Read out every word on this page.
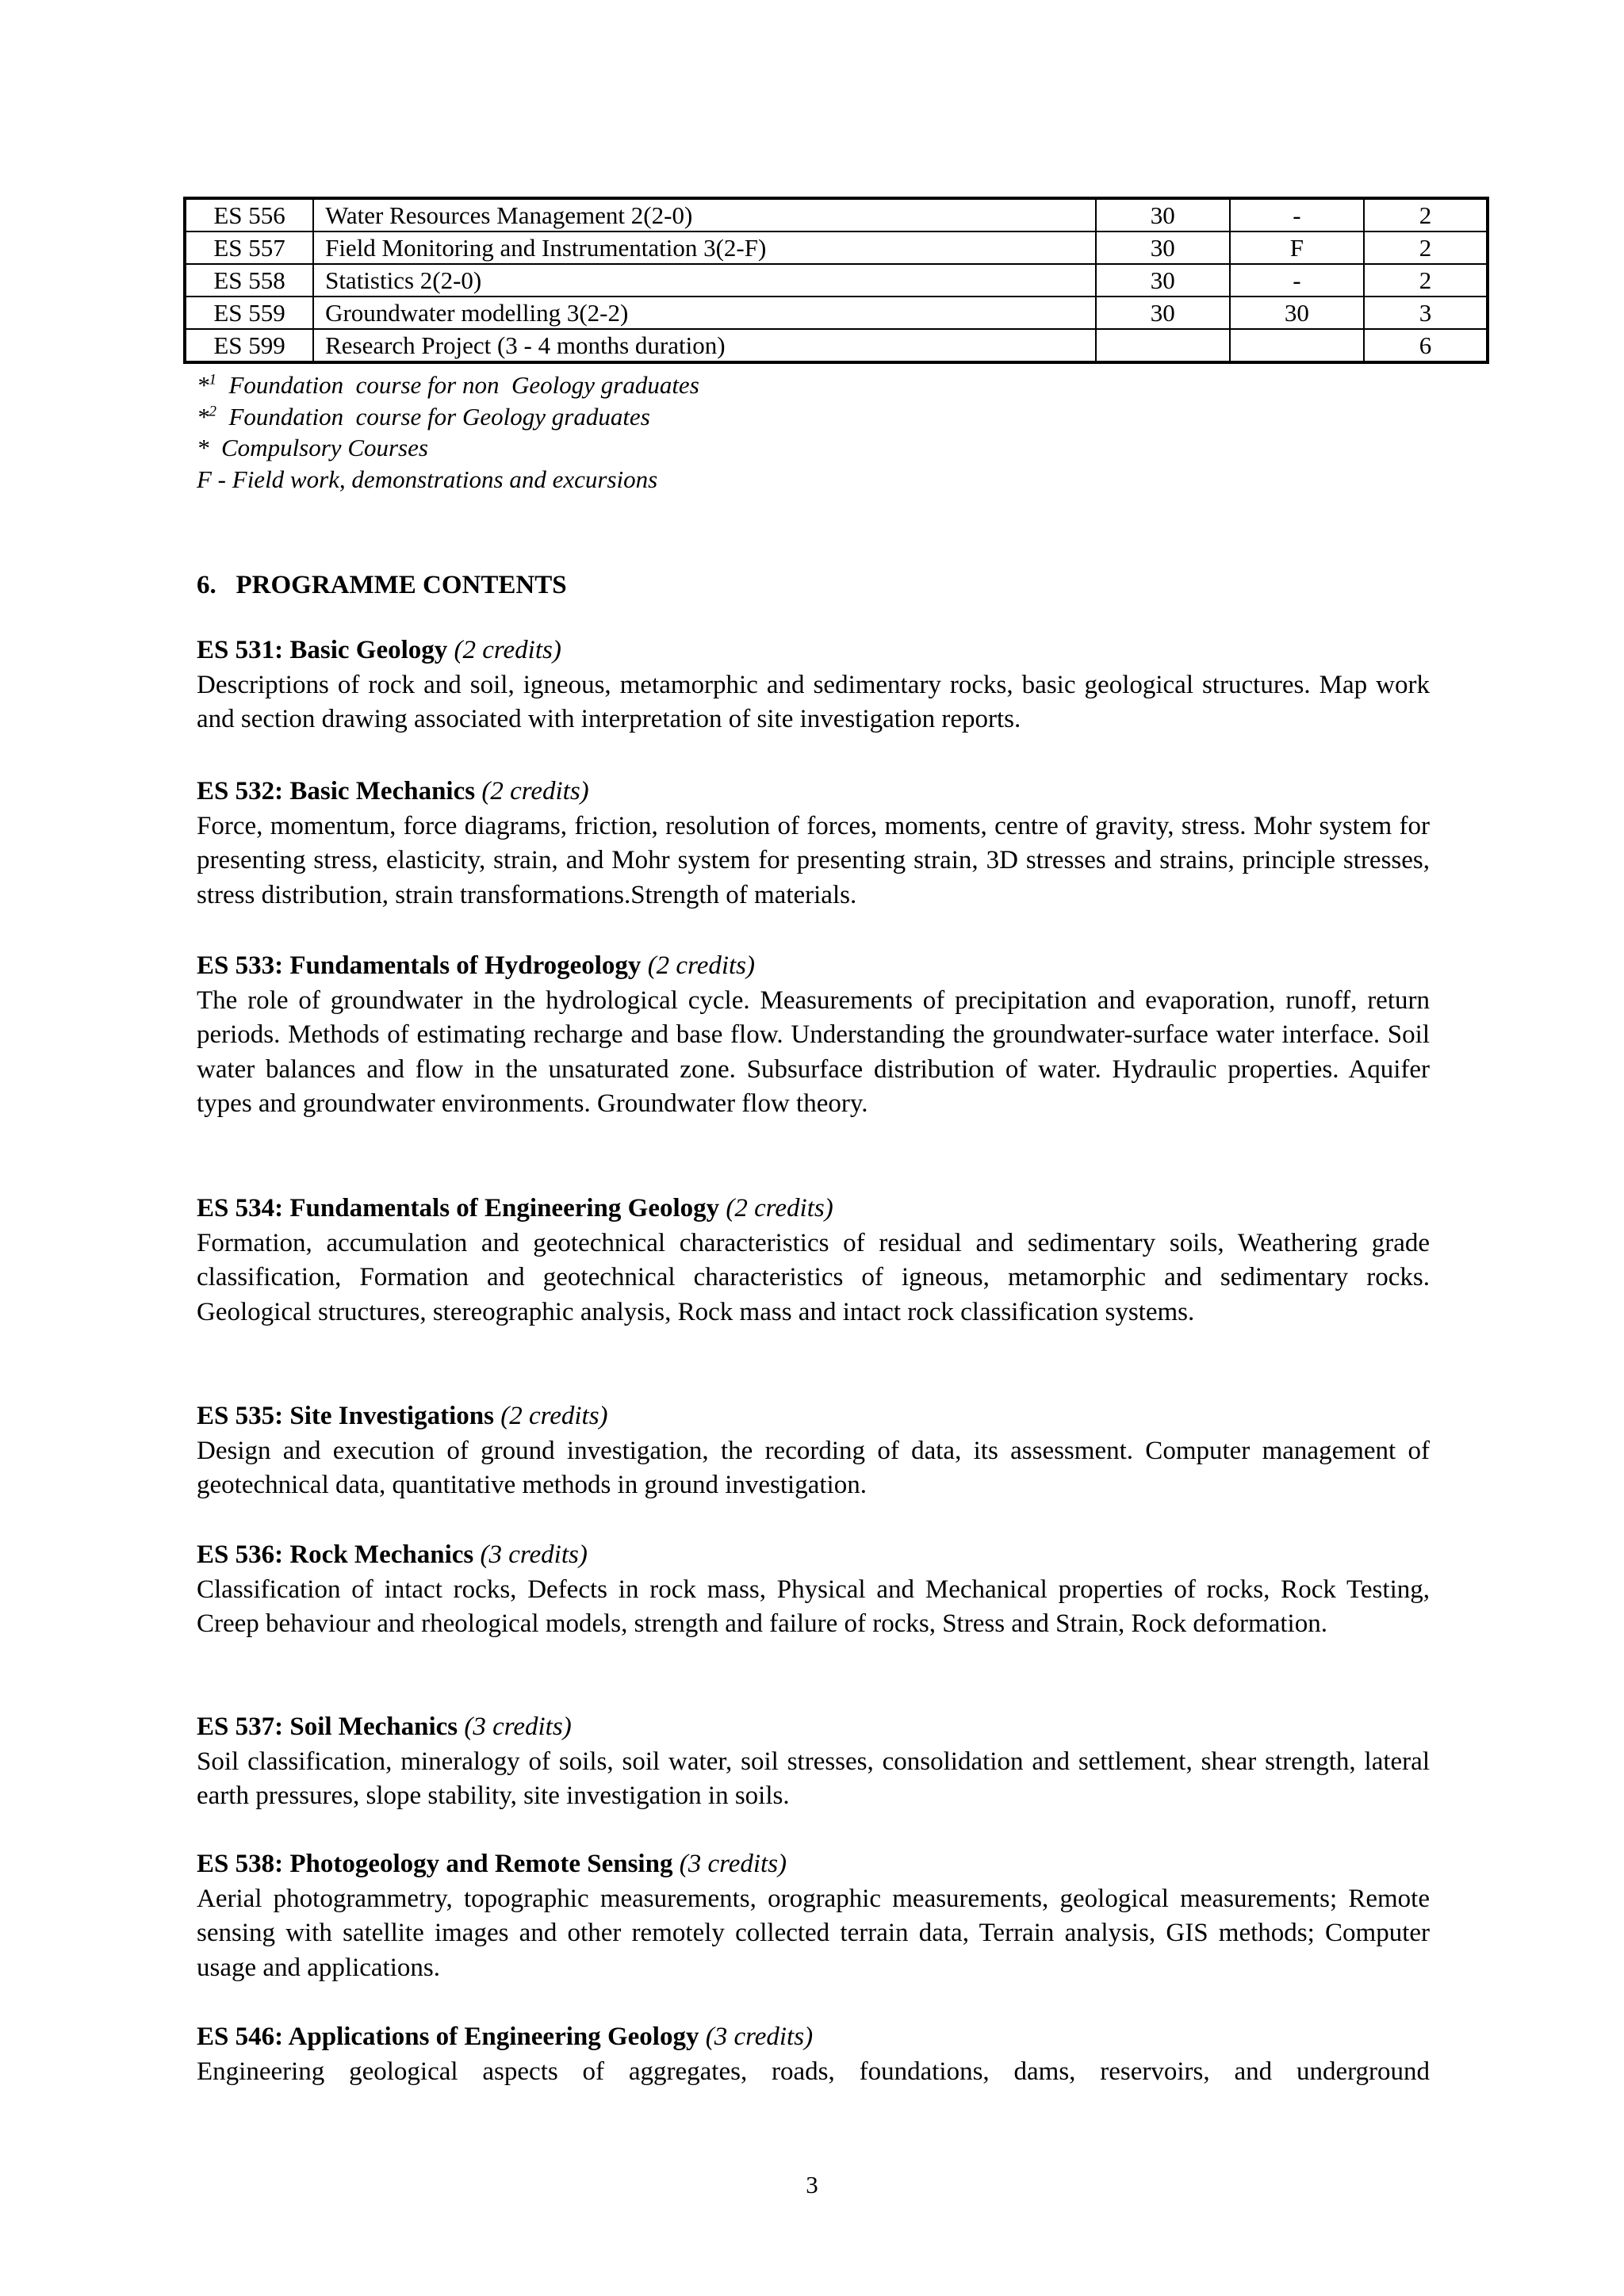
ES 556	Water Resources Management 2(2-0)	30	-	2
ES 557	Field Monitoring and Instrumentation 3(2-F)	30	F	2
ES 558	Statistics 2(2-0)	30	-	2
ES 559	Groundwater modelling 3(2-2)	30	30	3
ES 599	Research Project (3 - 4 months duration)			6
*$^1$  Foundation  course for non  Geology graduates
*$^2$  Foundation  course for Geology graduates
*  Compulsory Courses
F - Field work, demonstrations and excursions
6.   PROGRAMME CONTENTS
ES 531: Basic Geology (2 credits)
Descriptions of rock and soil, igneous, metamorphic and sedimentary rocks, basic geological structures. Map work and section drawing associated with interpretation of site investigation reports.
ES 532: Basic Mechanics (2 credits)
Force, momentum, force diagrams, friction, resolution of forces, moments, centre of gravity, stress. Mohr system for presenting stress, elasticity, strain, and Mohr system for presenting strain, 3D stresses and strains, principle stresses, stress distribution, strain transformations.Strength of materials.
ES 533: Fundamentals of Hydrogeology (2 credits)
The role of groundwater in the hydrological cycle. Measurements of precipitation and evaporation, runoff, return periods. Methods of estimating recharge and base flow. Understanding the groundwater-surface water interface. Soil water balances and flow in the unsaturated zone. Subsurface distribution of water. Hydraulic properties. Aquifer types and groundwater environments. Groundwater flow theory.
ES 534: Fundamentals of Engineering Geology (2 credits)
Formation, accumulation and geotechnical characteristics of residual and sedimentary soils, Weathering grade classification, Formation and geotechnical characteristics of igneous, metamorphic and sedimentary rocks. Geological structures, stereographic analysis, Rock mass and intact rock classification systems.
ES 535: Site Investigations (2 credits)
Design and execution of ground investigation, the recording of data, its assessment. Computer management of geotechnical data, quantitative methods in ground investigation.
ES 536: Rock Mechanics (3 credits)
Classification of intact rocks, Defects in rock mass, Physical and Mechanical properties of rocks, Rock Testing, Creep behaviour and rheological models, strength and failure of rocks, Stress and Strain, Rock deformation.
ES 537: Soil Mechanics (3 credits)
Soil classification, mineralogy of soils, soil water, soil stresses, consolidation and settlement, shear strength, lateral earth pressures, slope stability, site investigation in soils.
ES 538: Photogeology and Remote Sensing (3 credits)
Aerial photogrammetry, topographic measurements, orographic measurements, geological measurements; Remote sensing with satellite images and other remotely collected terrain data, Terrain analysis, GIS methods; Computer usage and applications.
ES 546: Applications of Engineering Geology (3 credits)
Engineering geological aspects of aggregates, roads, foundations, dams, reservoirs, and underground
3
